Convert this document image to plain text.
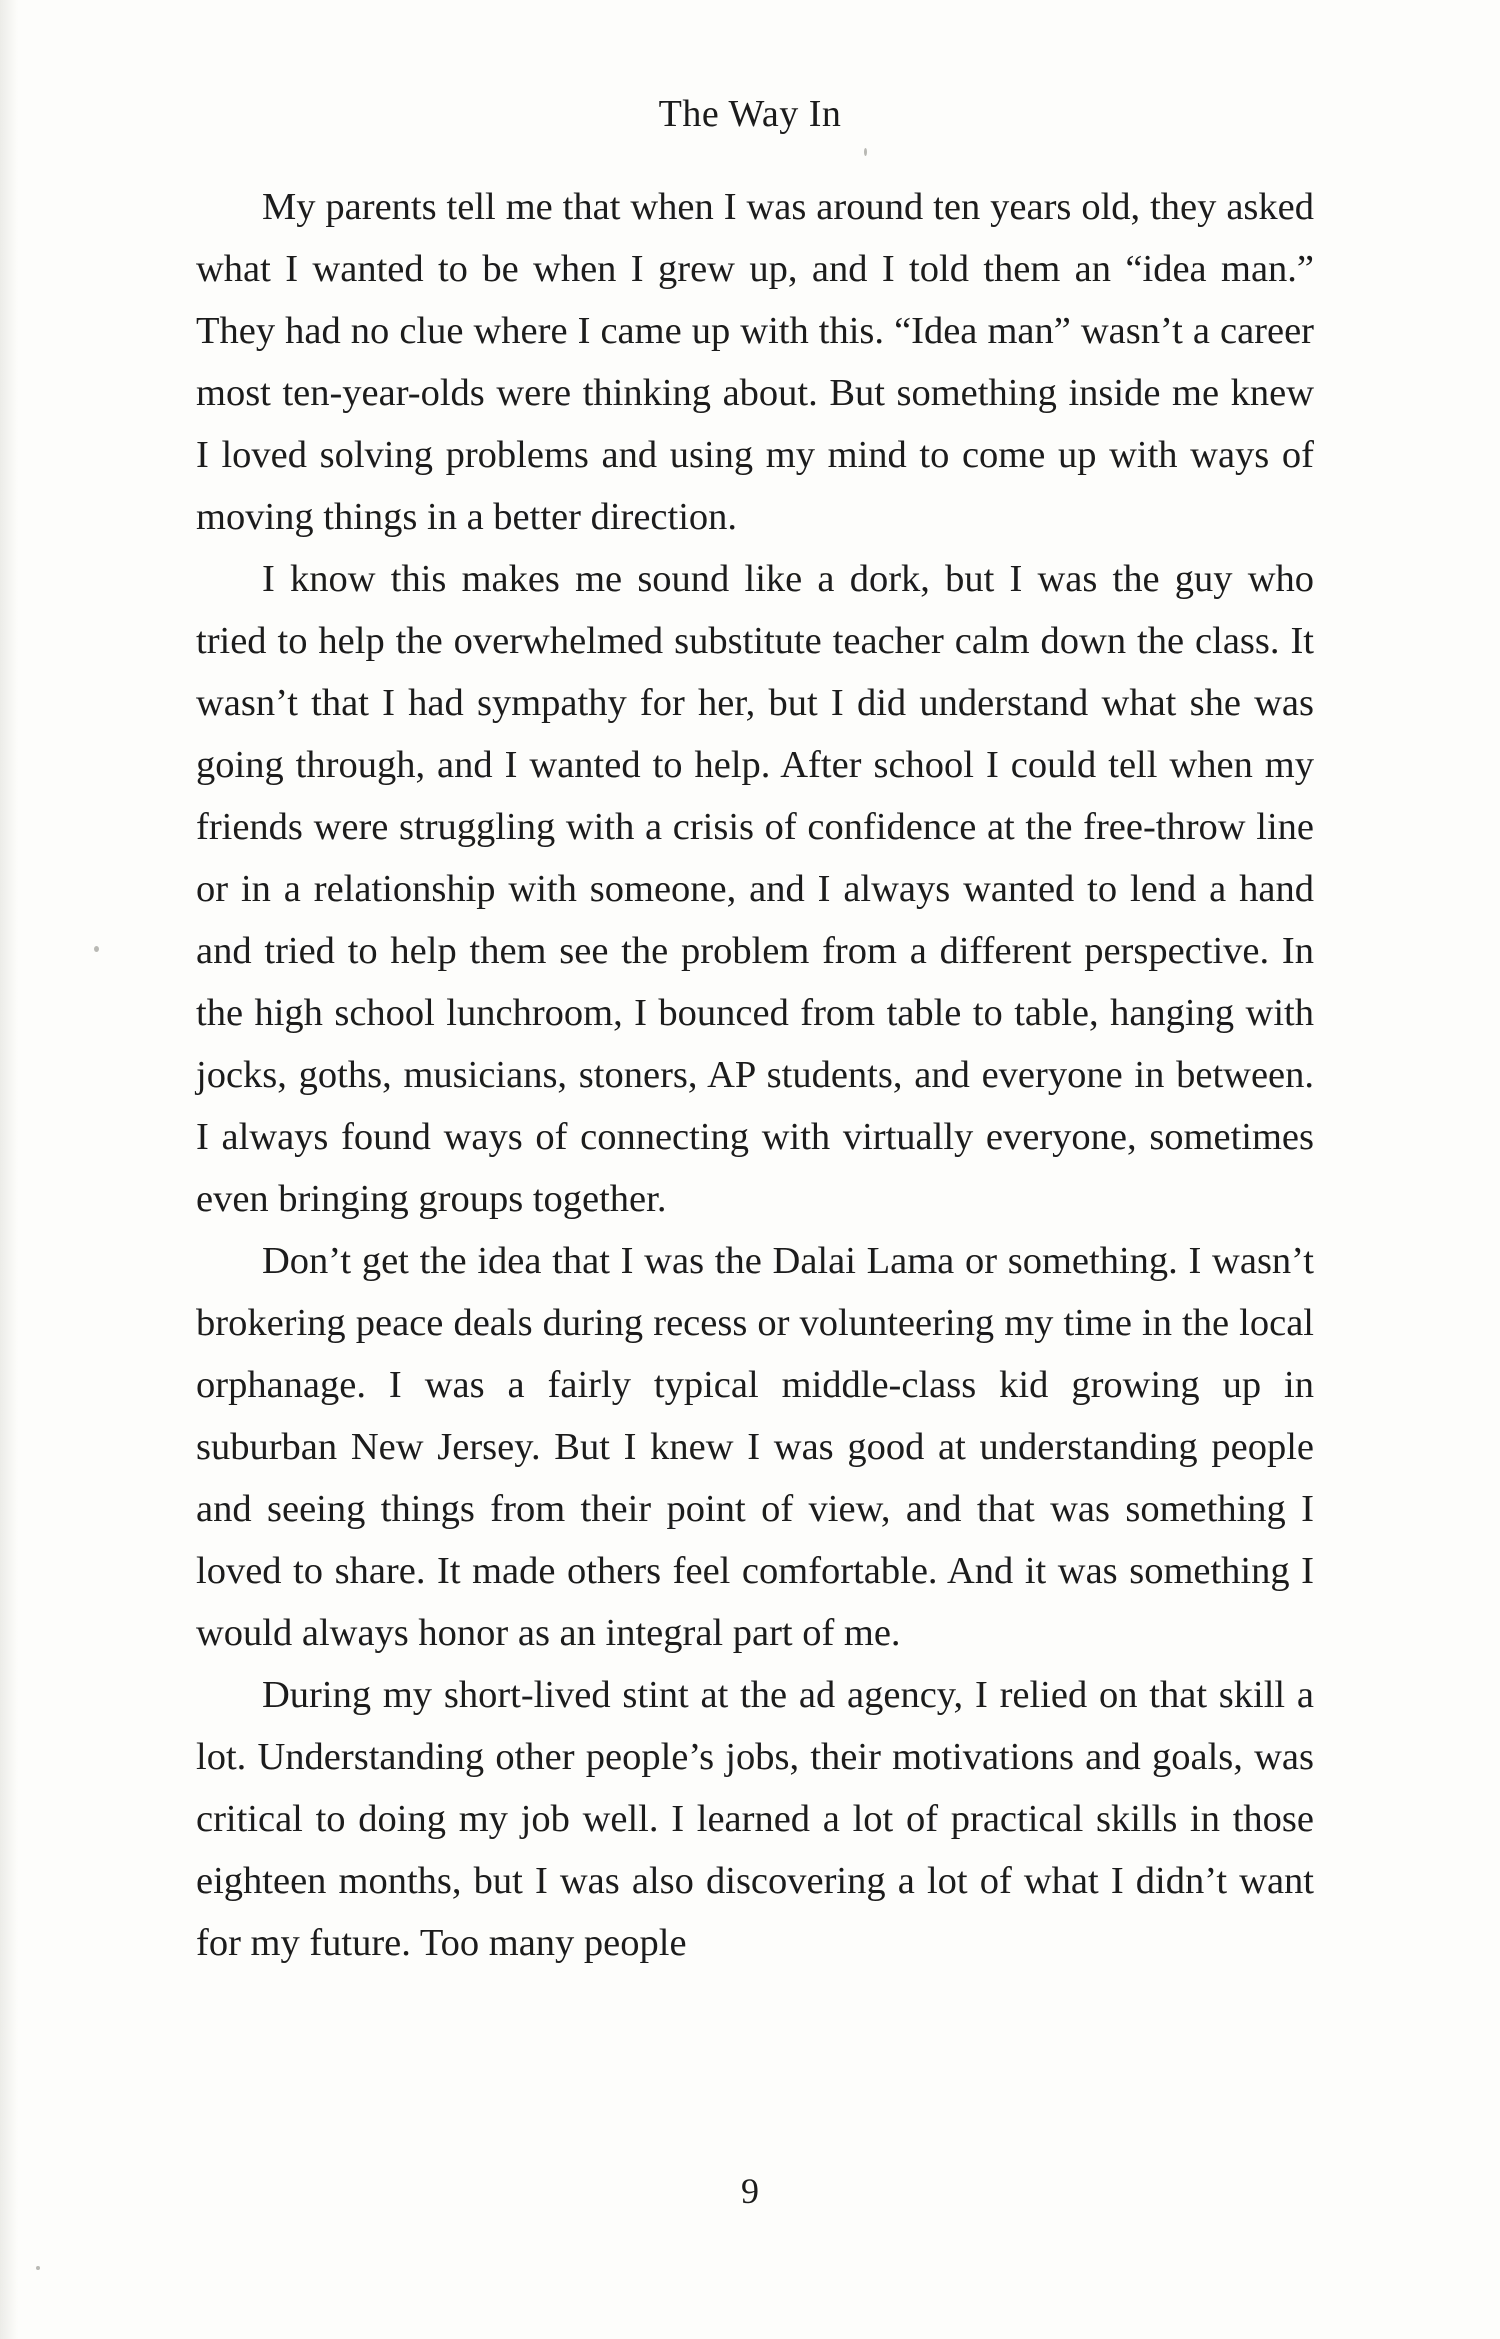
The Way In

My parents tell me that when I was around ten years old, they asked what I wanted to be when I grew up, and I told them an “idea man.” They had no clue where I came up with this. “Idea man” wasn’t a career most ten-year-olds were thinking about. But something inside me knew I loved solving problems and using my mind to come up with ways of moving things in a better direction.

I know this makes me sound like a dork, but I was the guy who tried to help the overwhelmed substitute teacher calm down the class. It wasn’t that I had sympathy for her, but I did understand what she was going through, and I wanted to help. After school I could tell when my friends were struggling with a crisis of confidence at the free-throw line or in a relationship with someone, and I always wanted to lend a hand and tried to help them see the problem from a different perspective. In the high school lunchroom, I bounced from table to table, hanging with jocks, goths, musicians, stoners, AP students, and everyone in between. I always found ways of connecting with virtually everyone, sometimes even bringing groups together.

Don’t get the idea that I was the Dalai Lama or something. I wasn’t brokering peace deals during recess or volunteering my time in the local orphanage. I was a fairly typical middle-class kid growing up in suburban New Jersey. But I knew I was good at understanding people and seeing things from their point of view, and that was something I loved to share. It made others feel comfortable. And it was something I would always honor as an integral part of me.

During my short-lived stint at the ad agency, I relied on that skill a lot. Understanding other people’s jobs, their motivations and goals, was critical to doing my job well. I learned a lot of practical skills in those eighteen months, but I was also discovering a lot of what I didn’t want for my future. Too many people

9
